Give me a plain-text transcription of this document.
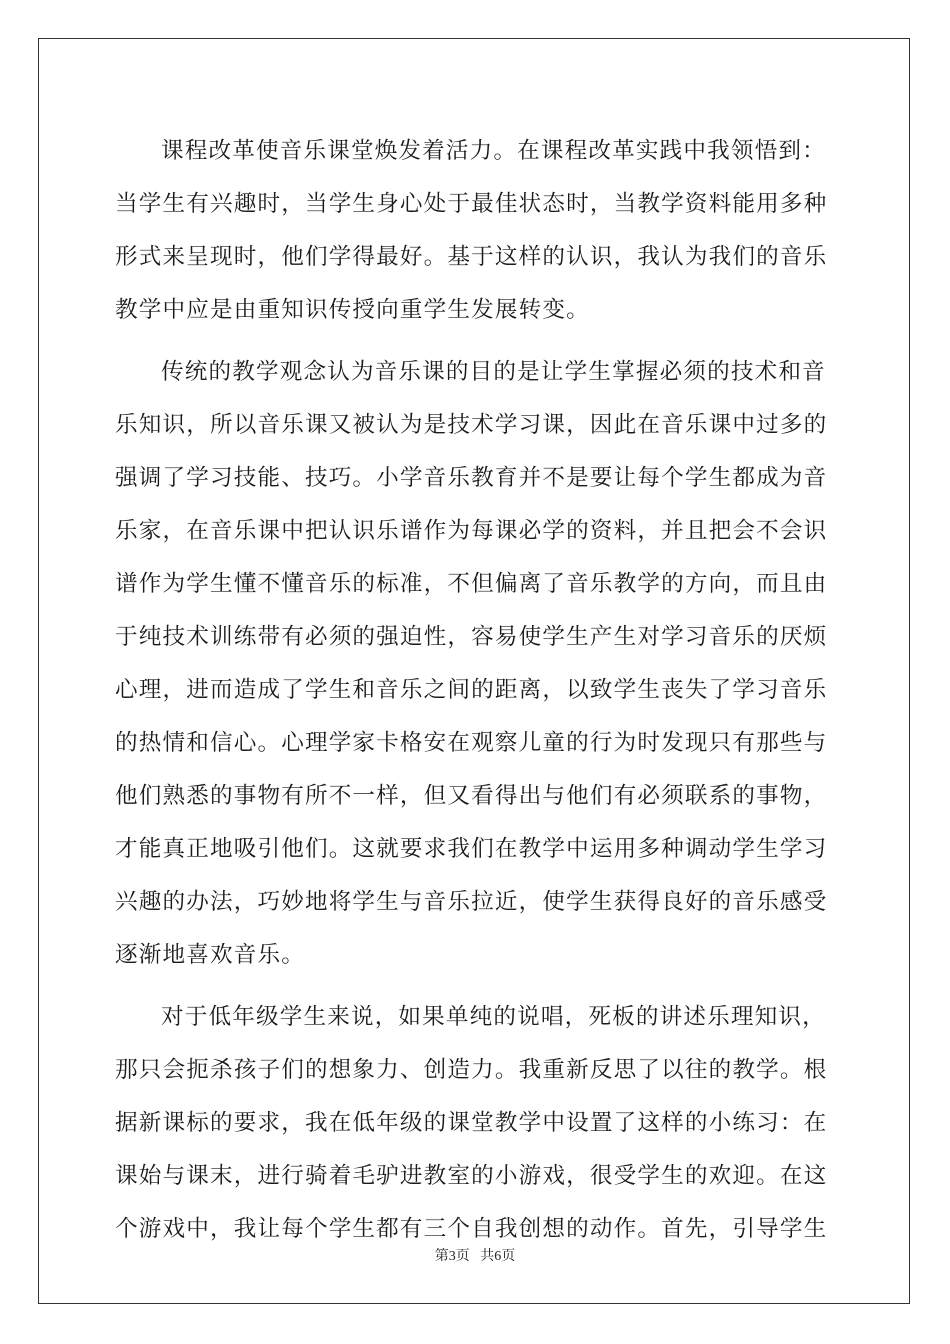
课程改革使音乐课堂焕发着活力。在课程改革实践中我领悟到：
当学生有兴趣时，当学生身心处于最佳状态时，当教学资料能用多种
形式来呈现时，他们学得最好。基于这样的认识，我认为我们的音乐
教学中应是由重知识传授向重学生发展转变。
传统的教学观念认为音乐课的目的是让学生掌握必须的技术和音
乐知识，所以音乐课又被认为是技术学习课，因此在音乐课中过多的
强调了学习技能、技巧。小学音乐教育并不是要让每个学生都成为音
乐家，在音乐课中把认识乐谱作为每课必学的资料，并且把会不会识
谱作为学生懂不懂音乐的标准，不但偏离了音乐教学的方向，而且由
于纯技术训练带有必须的强迫性，容易使学生产生对学习音乐的厌烦
心理，进而造成了学生和音乐之间的距离，以致学生丧失了学习音乐
的热情和信心。心理学家卡格安在观察儿童的行为时发现只有那些与
他们熟悉的事物有所不一样，但又看得出与他们有必须联系的事物，
才能真正地吸引他们。这就要求我们在教学中运用多种调动学生学习
兴趣的办法，巧妙地将学生与音乐拉近，使学生获得良好的音乐感受
逐渐地喜欢音乐。
对于低年级学生来说，如果单纯的说唱，死板的讲述乐理知识，
那只会扼杀孩子们的想象力、创造力。我重新反思了以往的教学。根
据新课标的要求，我在低年级的课堂教学中设置了这样的小练习：在
课始与课末，进行骑着毛驴进教室的小游戏，很受学生的欢迎。在这
个游戏中，我让每个学生都有三个自我创想的动作。首先，引导学生
第3页 共6页
